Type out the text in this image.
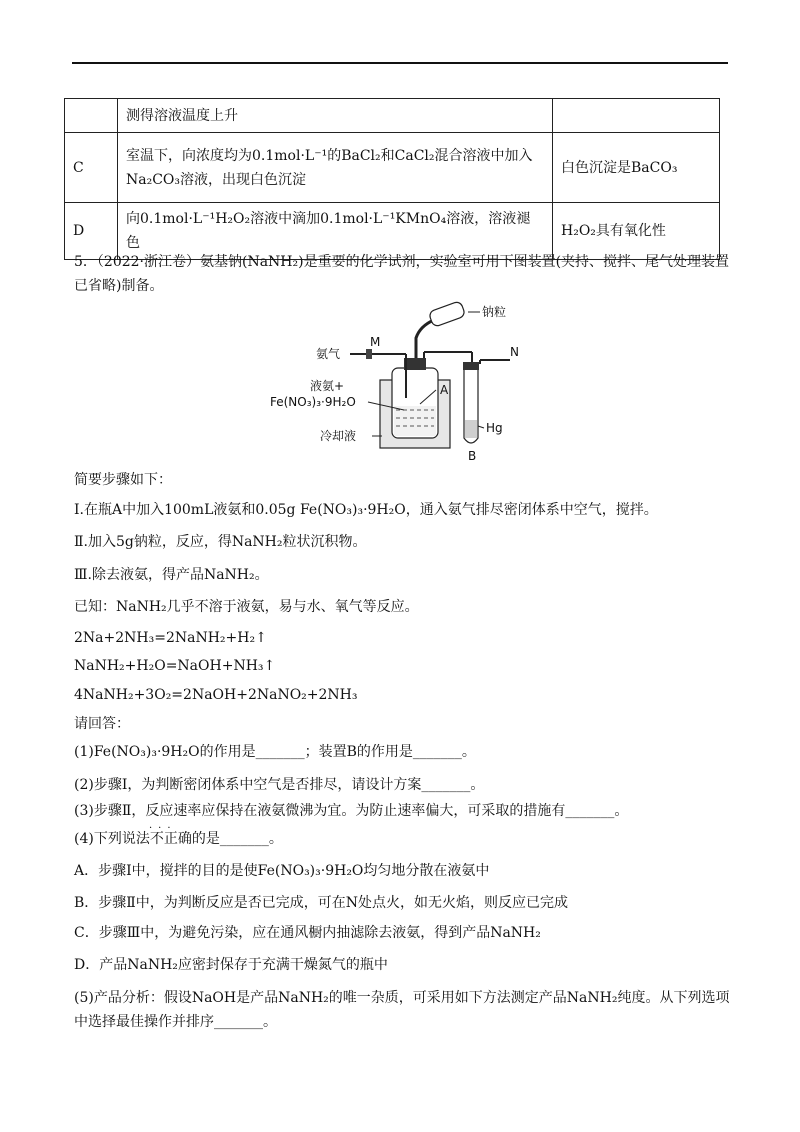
	测得溶液温度上升	
C	室温下，向浓度均为0.1mol·L⁻¹的BaCl₂和CaCl₂混合溶液中加入Na₂CO₃溶液，出现白色沉淀	白色沉淀是BaCO₃
D	向0.1mol·L⁻¹H₂O₂溶液中滴加0.1mol·L⁻¹KMnO₄溶液，溶液褪色	H₂O₂具有氧化性
5．（2022·浙江卷）氨基钠(NaNH₂)是重要的化学试剂，实验室可用下图装置(夹持、搅拌、尾气处理装置已省略)制备。
钠粒
氨气
M
N
液氨+
Fe(NO₃)₃·9H₂O
A
冷却液
Hg
B
简要步骤如下：
Ⅰ.在瓶A中加入100mL液氨和0.05g Fe(NO₃)₃·9H₂O，通入氨气排尽密闭体系中空气，搅拌。
Ⅱ.加入5g钠粒，反应，得NaNH₂粒状沉积物。
Ⅲ.除去液氨，得产品NaNH₂。
已知：NaNH₂几乎不溶于液氨，易与水、氧气等反应。
2Na+2NH₃=2NaNH₂+H₂↑
NaNH₂+H₂O=NaOH+NH₃↑
4NaNH₂+3O₂=2NaOH+2NaNO₂+2NH₃
请回答：
(1)Fe(NO₃)₃·9H₂O的作用是_______；装置B的作用是_______。
(2)步骤Ⅰ，为判断密闭体系中空气是否排尽，请设计方案_______。
(3)步骤Ⅱ，反应速率应保持在液氨微沸为宜。为防止速率偏大，可采取的措施有_______。
···
(4)下列说法不正确的是_______。
A．步骤Ⅰ中，搅拌的目的是使Fe(NO₃)₃·9H₂O均匀地分散在液氨中
B．步骤Ⅱ中，为判断反应是否已完成，可在N处点火，如无火焰，则反应已完成
C．步骤Ⅲ中，为避免污染，应在通风橱内抽滤除去液氨，得到产品NaNH₂
D．产品NaNH₂应密封保存于充满干燥氮气的瓶中
(5)产品分析：假设NaOH是产品NaNH₂的唯一杂质，可采用如下方法测定产品NaNH₂纯度。从下列选项中选择最佳操作并排序_______。
